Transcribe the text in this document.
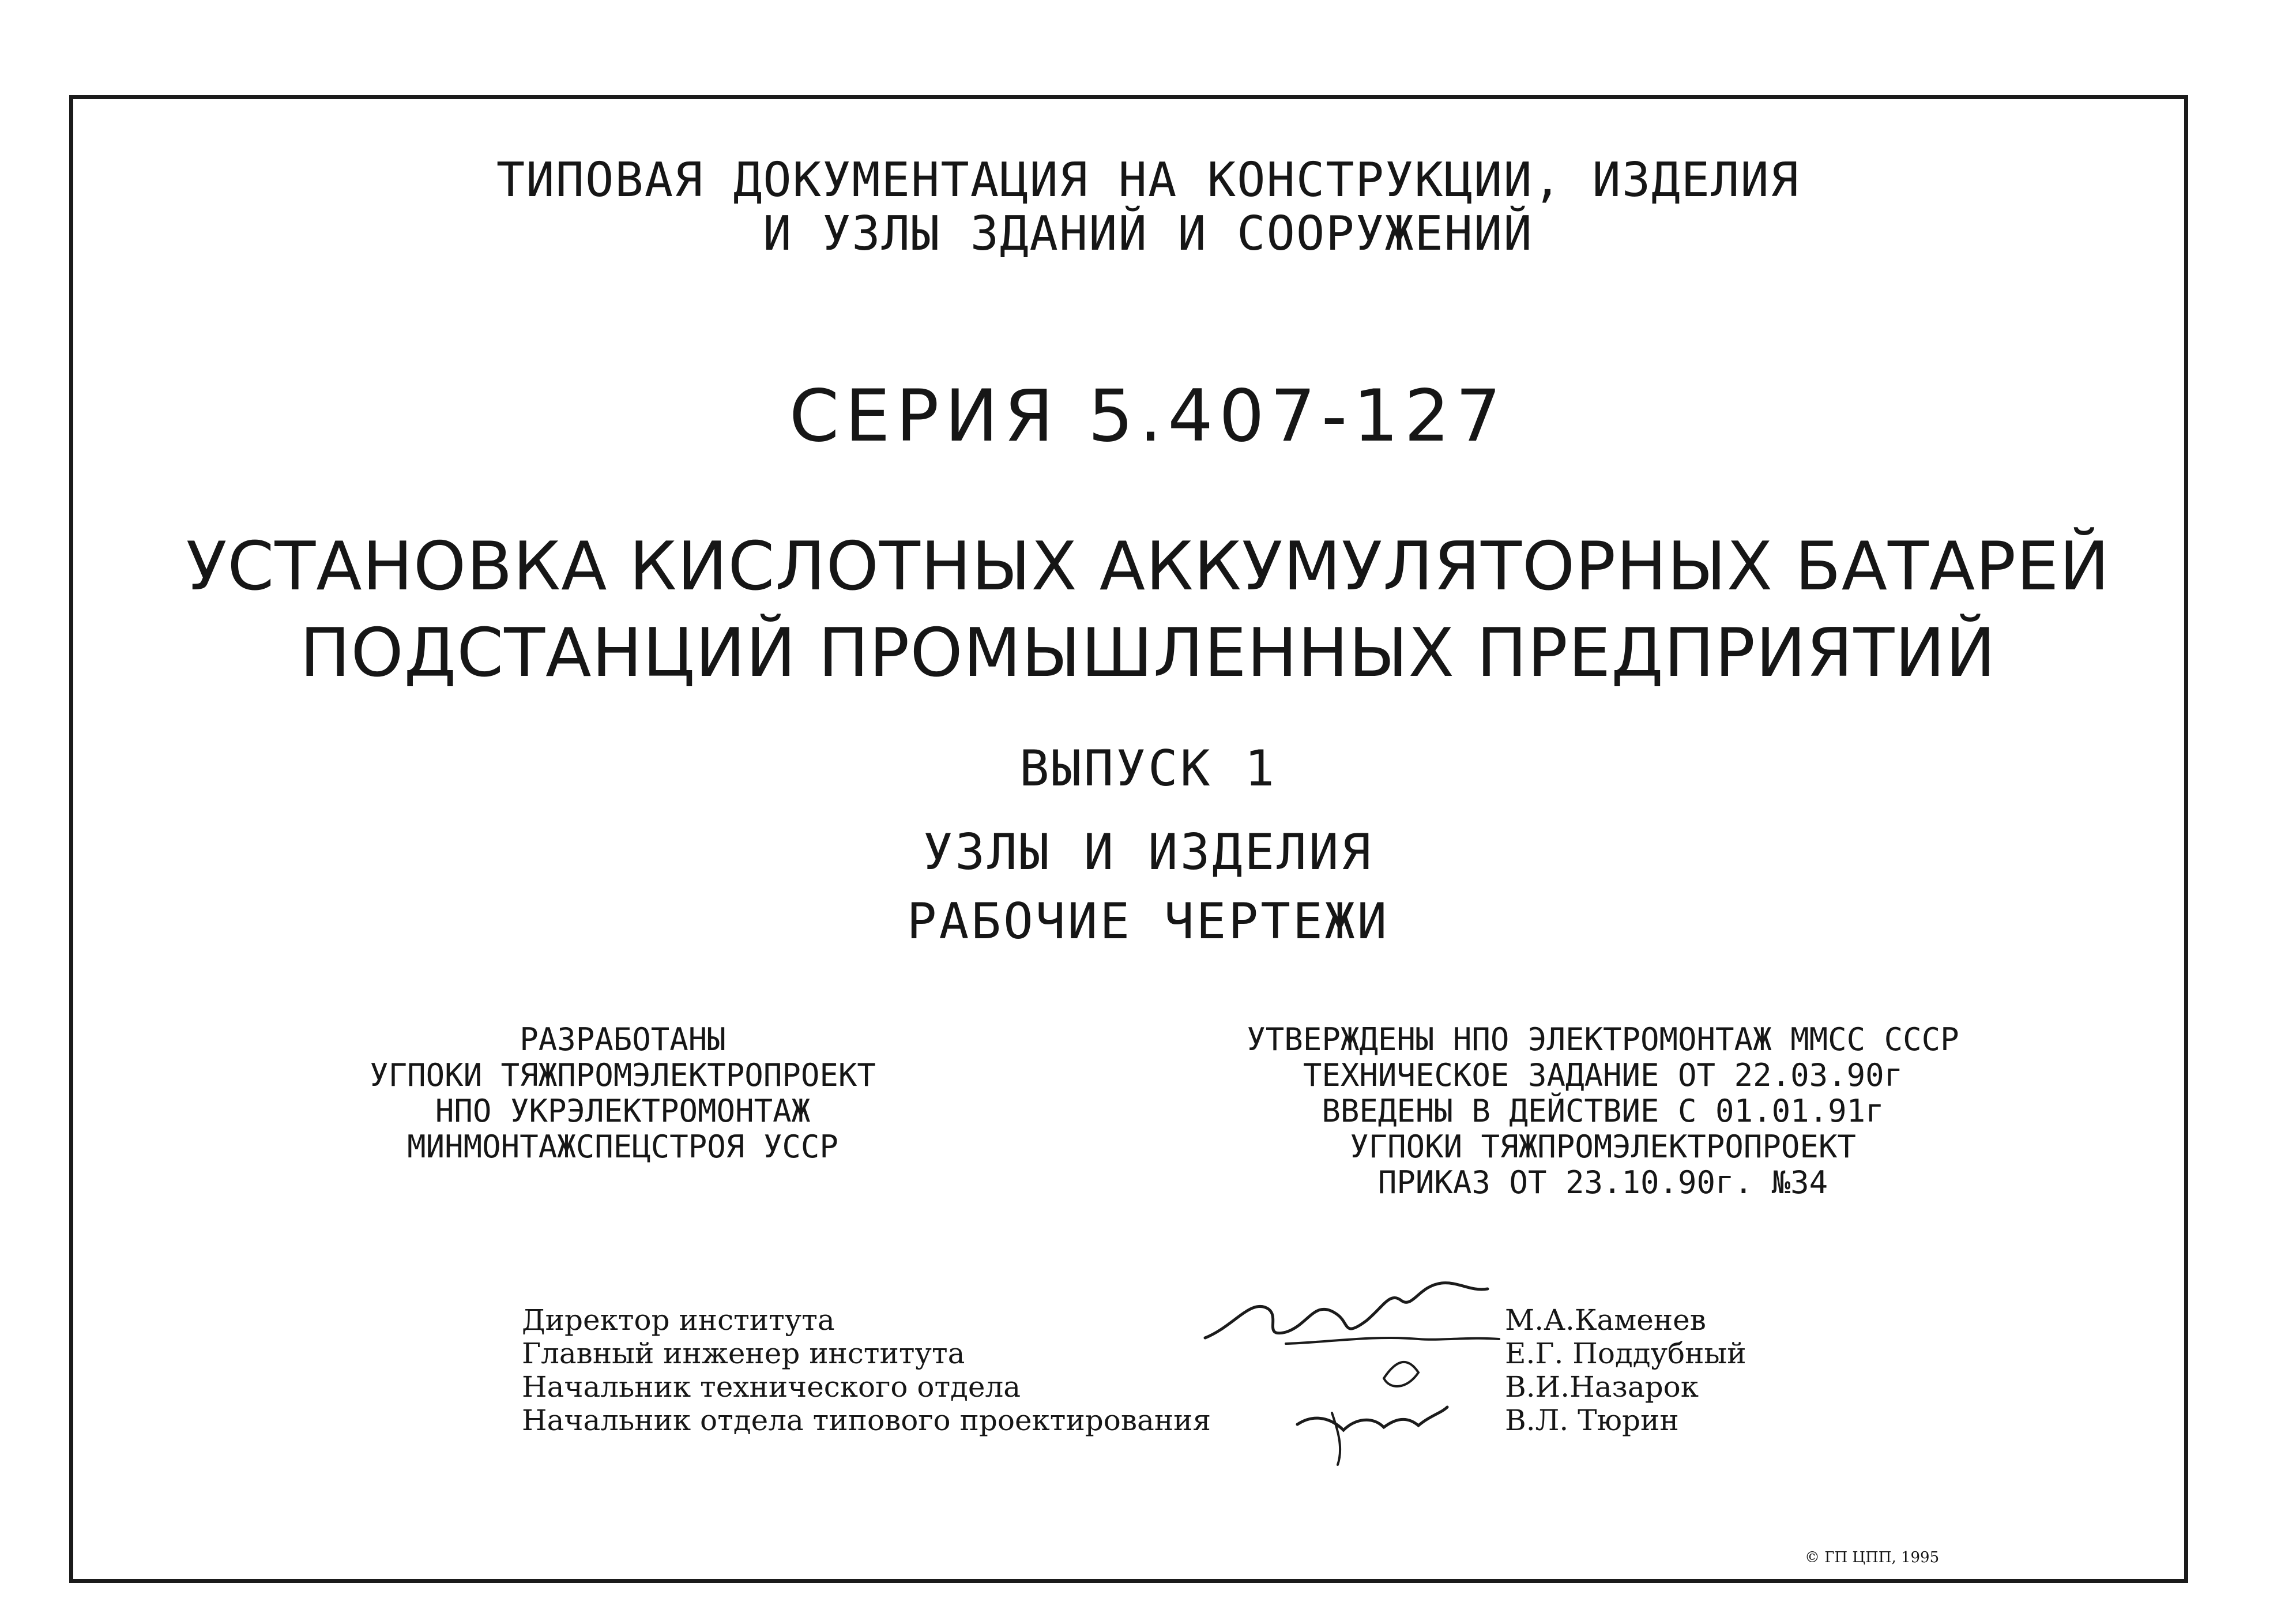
ТИПОВАЯ ДОКУМЕНТАЦИЯ НА КОНСТРУКЦИИ, ИЗДЕЛИЯ
И УЗЛЫ ЗДАНИЙ И СООРУЖЕНИЙ
СЕРИЯ 5.407-127
УСТАНОВКА КИСЛОТНЫХ АККУМУЛЯТОРНЫХ БАТАРЕЙ
ПОДСТАНЦИЙ ПРОМЫШЛЕННЫХ ПРЕДПРИЯТИЙ
ВЫПУСК 1
УЗЛЫ И ИЗДЕЛИЯ
РАБОЧИЕ ЧЕРТЕЖИ
РАЗРАБОТАНЫ
УГПОКИ ТЯЖПРОМЭЛЕКТРОПРОЕКТ
НПО УКРЭЛЕКТРОМОНТАЖ
МИНМОНТАЖСПЕЦСТРОЯ УССР
УТВЕРЖДЕНЫ НПО ЭЛЕКТРОМОНТАЖ ММСС СССР
ТЕХНИЧЕСКОЕ ЗАДАНИЕ ОТ 22.03.90г
ВВЕДЕНЫ В ДЕЙСТВИЕ С 01.01.91г
УГПОКИ ТЯЖПРОМЭЛЕКТРОПРОЕКТ
ПРИКАЗ ОТ 23.10.90г. №34
Директор института
Главный инженер института
Начальник технического отдела
Начальник отдела типового проектирования
М.А.Каменев
Е.Г. Поддубный
В.И.Назарок
В.Л. Тюрин
© ГП ЦПП, 1995
